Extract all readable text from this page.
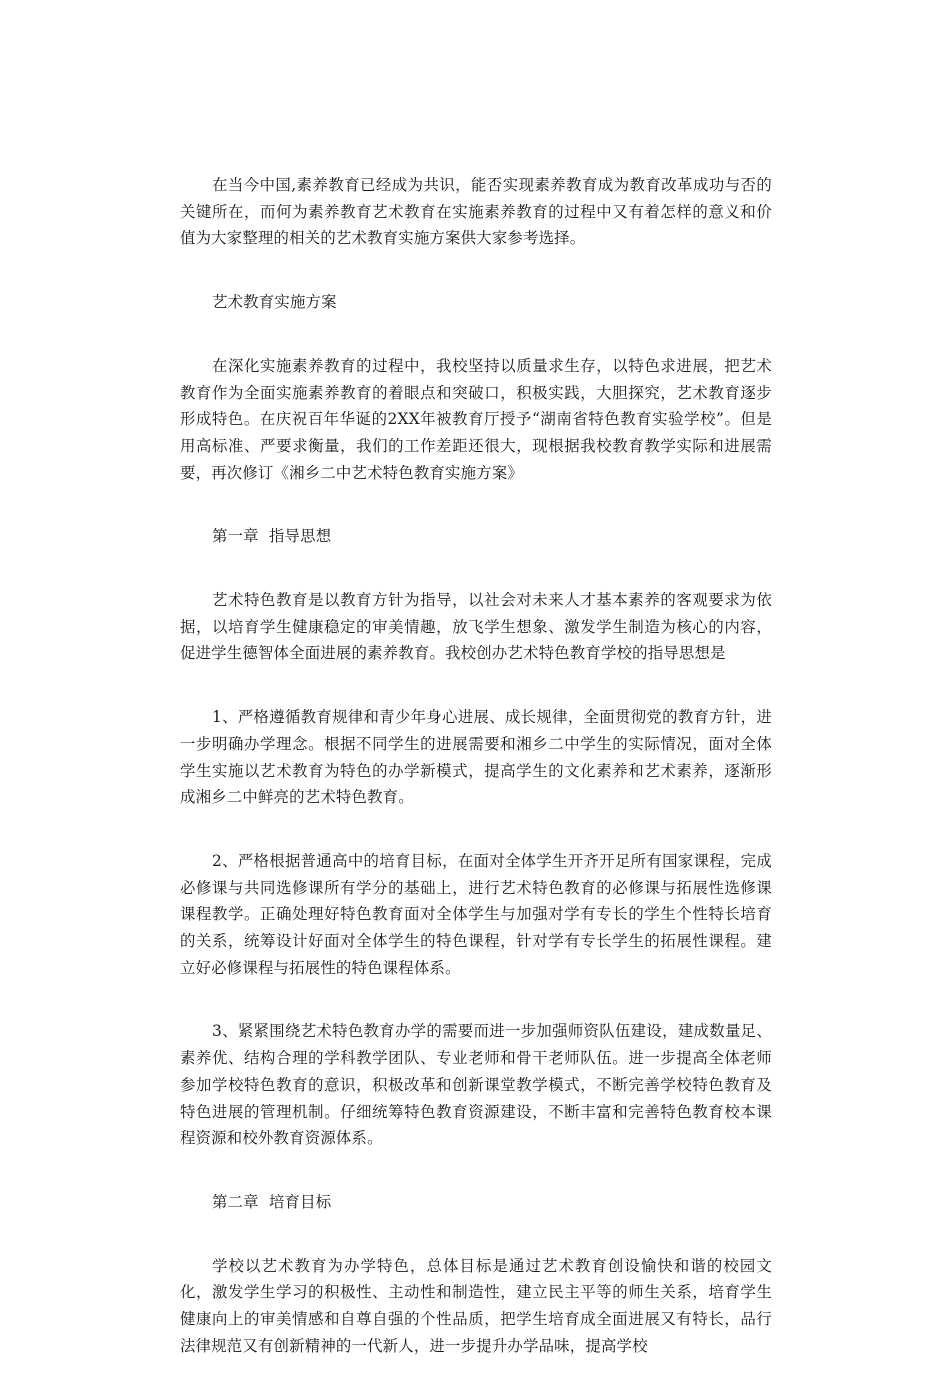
在当今中国,素养教育已经成为共识，能否实现素养教育成为教育改革成功与否的关键所在，而何为素养教育艺术教育在实施素养教育的过程中又有着怎样的意义和价值为大家整理的相关的艺术教育实施方案供大家参考选择。

艺术教育实施方案

在深化实施素养教育的过程中，我校坚持以质量求生存，以特色求进展，把艺术教育作为全面实施素养教育的着眼点和突破口，积极实践，大胆探究，艺术教育逐步形成特色。在庆祝百年华诞的2XX年被教育厅授予“湖南省特色教育实验学校”。但是用高标准、严要求衡量，我们的工作差距还很大，现根据我校教育教学实际和进展需要，再次修订《湘乡二中艺术特色教育实施方案》

第一章  指导思想

艺术特色教育是以教育方针为指导，以社会对未来人才基本素养的客观要求为依据，以培育学生健康稳定的审美情趣，放飞学生想象、激发学生制造为核心的内容，促进学生德智体全面进展的素养教育。我校创办艺术特色教育学校的指导思想是

1、严格遵循教育规律和青少年身心进展、成长规律，全面贯彻党的教育方针，进一步明确办学理念。根据不同学生的进展需要和湘乡二中学生的实际情况，面对全体学生实施以艺术教育为特色的办学新模式，提高学生的文化素养和艺术素养，逐渐形成湘乡二中鲜亮的艺术特色教育。

2、严格根据普通高中的培育目标，在面对全体学生开齐开足所有国家课程，完成必修课与共同选修课所有学分的基础上，进行艺术特色教育的必修课与拓展性选修课课程教学。正确处理好特色教育面对全体学生与加强对学有专长的学生个性特长培育的关系，统筹设计好面对全体学生的特色课程，针对学有专长学生的拓展性课程。建立好必修课程与拓展性的特色课程体系。

3、紧紧围绕艺术特色教育办学的需要而进一步加强师资队伍建设，建成数量足、素养优、结构合理的学科教学团队、专业老师和骨干老师队伍。进一步提高全体老师参加学校特色教育的意识，积极改革和创新课堂教学模式，不断完善学校特色教育及特色进展的管理机制。仔细统筹特色教育资源建设，不断丰富和完善特色教育校本课程资源和校外教育资源体系。

第二章  培育目标

学校以艺术教育为办学特色，总体目标是通过艺术教育创设愉快和谐的校园文化，激发学生学习的积极性、主动性和制造性，建立民主平等的师生关系，培育学生健康向上的审美情感和自尊自强的个性品质，把学生培育成全面进展又有特长，品行法律规范又有创新精神的一代新人，进一步提升办学品味，提高学校
